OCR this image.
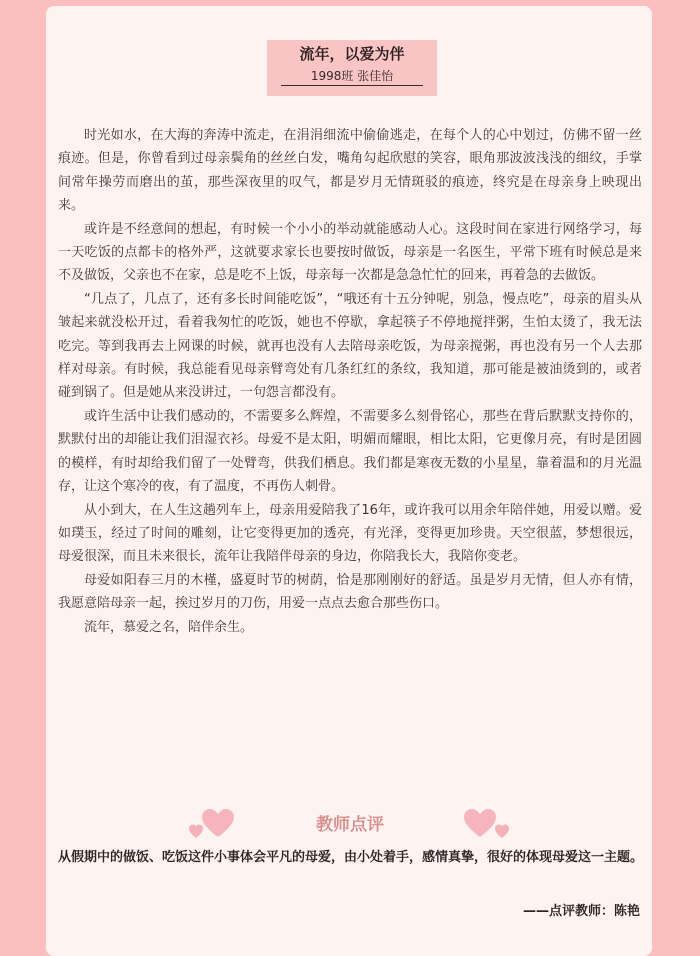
流年，以爱为伴
1998班 张佳怡

时光如水，在大海的奔涛中流走，在涓涓细流中偷偷逃走，在每个人的心中划过，仿佛不留一丝痕迹。但是，你曾看到过母亲鬓角的丝丝白发，嘴角勾起欣慰的笑容，眼角那波波浅浅的细纹，手掌间常年操劳而磨出的茧，那些深夜里的叹气，都是岁月无情斑驳的痕迹，终究是在母亲身上映现出来。

或许是不经意间的想起，有时候一个小小的举动就能感动人心。这段时间在家进行网络学习，每一天吃饭的点都卡的格外严，这就要求家长也要按时做饭，母亲是一名医生，平常下班有时候总是来不及做饭，父亲也不在家，总是吃不上饭，母亲每一次都是急急忙忙的回来，再着急的去做饭。

“几点了，几点了，还有多长时间能吃饭”，“哦还有十五分钟呢，别急，慢点吃”，母亲的眉头从皱起来就没松开过，看着我匆忙的吃饭，她也不停歇，拿起筷子不停地搅拌粥，生怕太烫了，我无法吃完。等到我再去上网课的时候，就再也没有人去陪母亲吃饭，为母亲搅粥，再也没有另一个人去那样对母亲。有时候，我总能看见母亲臂弯处有几条红红的条纹，我知道，那可能是被油烫到的，或者碰到锅了。但是她从来没讲过，一句怨言都没有。

或许生活中让我们感动的，不需要多么辉煌，不需要多么刻骨铭心，那些在背后默默支持你的，默默付出的却能让我们泪湿衣衫。母爱不是太阳，明媚而耀眼，相比太阳，它更像月亮，有时是团圆的模样，有时却给我们留了一处臂弯，供我们栖息。我们都是寒夜无数的小星星，靠着温和的月光温存，让这个寒冷的夜，有了温度，不再伤人刺骨。

从小到大，在人生这趟列车上，母亲用爱陪我了16年，或许我可以用余年陪伴她，用爱以赠。爱如璞玉，经过了时间的雕刻，让它变得更加的透亮，有光泽，变得更加珍贵。天空很蓝，梦想很远，母爱很深，而且未来很长，流年让我陪伴母亲的身边，你陪我长大，我陪你变老。

母爱如阳春三月的木槿，盛夏时节的树荫，恰是那刚刚好的舒适。虽是岁月无情，但人亦有情，我愿意陪母亲一起，挨过岁月的刀伤，用爱一点点去愈合那些伤口。

流年，慕爱之名，陪伴余生。

教师点评

从假期中的做饭、吃饭这件小事体会平凡的母爱，由小处着手，感情真挚，很好的体现母爱这一主题。

——点评教师：陈艳
